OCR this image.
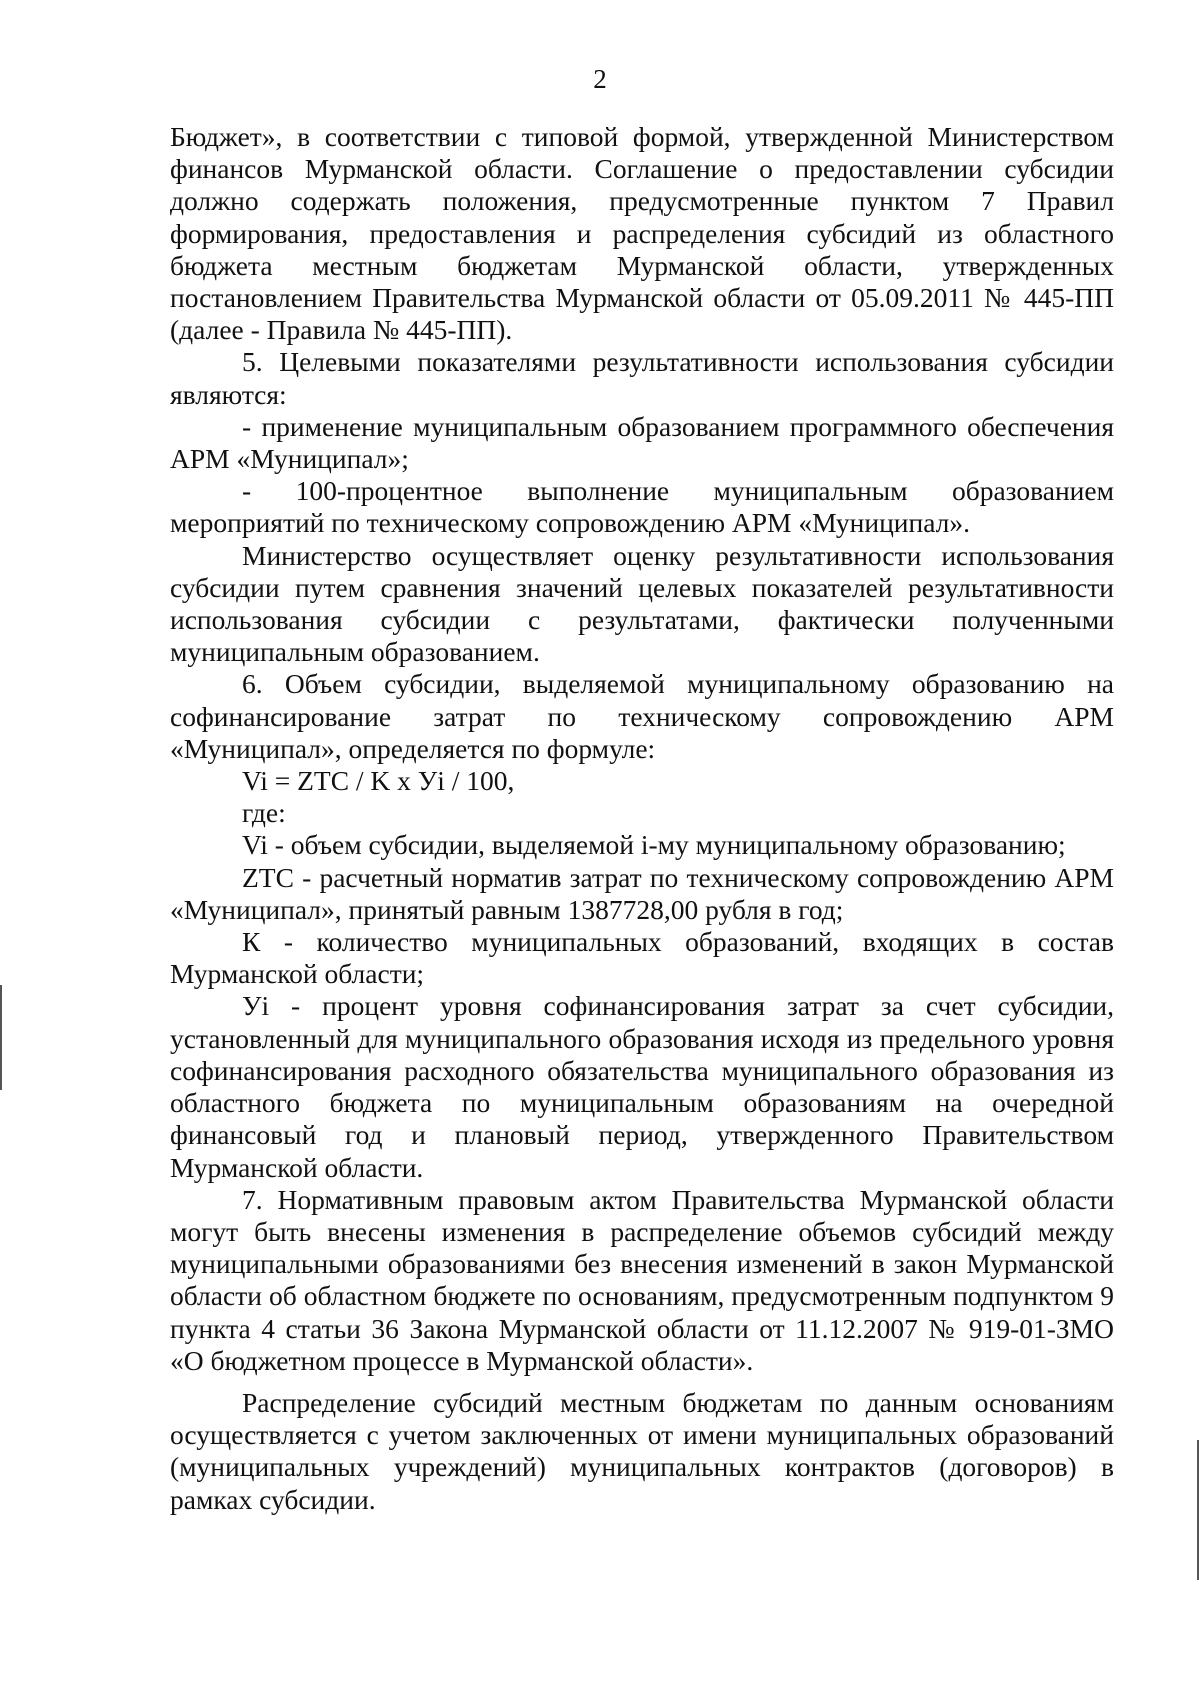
2

Бюджет», в соответствии с типовой формой, утвержденной Министерством финансов Мурманской области. Соглашение о предоставлении субсидии должно содержать положения, предусмотренные пунктом 7 Правил формирования, предоставления и распределения субсидий из областного бюджета местным бюджетам Мурманской области, утвержденных постановлением Правительства Мурманской области от 05.09.2011 № 445-ПП (далее - Правила № 445-ПП).

5. Целевыми показателями результативности использования субсидии являются:

- применение муниципальным образованием программного обеспечения АРМ «Муниципал»;

- 100-процентное выполнение муниципальным образованием мероприятий по техническому сопровождению АРМ «Муниципал».

Министерство осуществляет оценку результативности использования субсидии путем сравнения значений целевых показателей результативности использования субсидии с результатами, фактически полученными муниципальным образованием.

6. Объем субсидии, выделяемой муниципальному образованию на софинансирование затрат по техническому сопровождению АРМ «Муниципал», определяется по формуле:

Vi = ZTC / K x Уi / 100,

где:

Vi - объем субсидии, выделяемой i-му муниципальному образованию;

ZTC - расчетный норматив затрат по техническому сопровождению АРМ «Муниципал», принятый равным 1387728,00 рубля в год;

К - количество муниципальных образований, входящих в состав Мурманской области;

Уi - процент уровня софинансирования затрат за счет субсидии, установленный для муниципального образования исходя из предельного уровня софинансирования расходного обязательства муниципального образования из областного бюджета по муниципальным образованиям на очередной финансовый год и плановый период, утвержденного Правительством Мурманской области.

7. Нормативным правовым актом Правительства Мурманской области могут быть внесены изменения в распределение объемов субсидий между муниципальными образованиями без внесения изменений в закон Мурманской области об областном бюджете по основаниям, предусмотренным подпунктом 9 пункта 4 статьи 36 Закона Мурманской области от 11.12.2007 № 919-01-ЗМО «О бюджетном процессе в Мурманской области».

Распределение субсидий местным бюджетам по данным основаниям осуществляется с учетом заключенных от имени муниципальных образований (муниципальных учреждений) муниципальных контрактов (договоров) в рамках субсидии.
